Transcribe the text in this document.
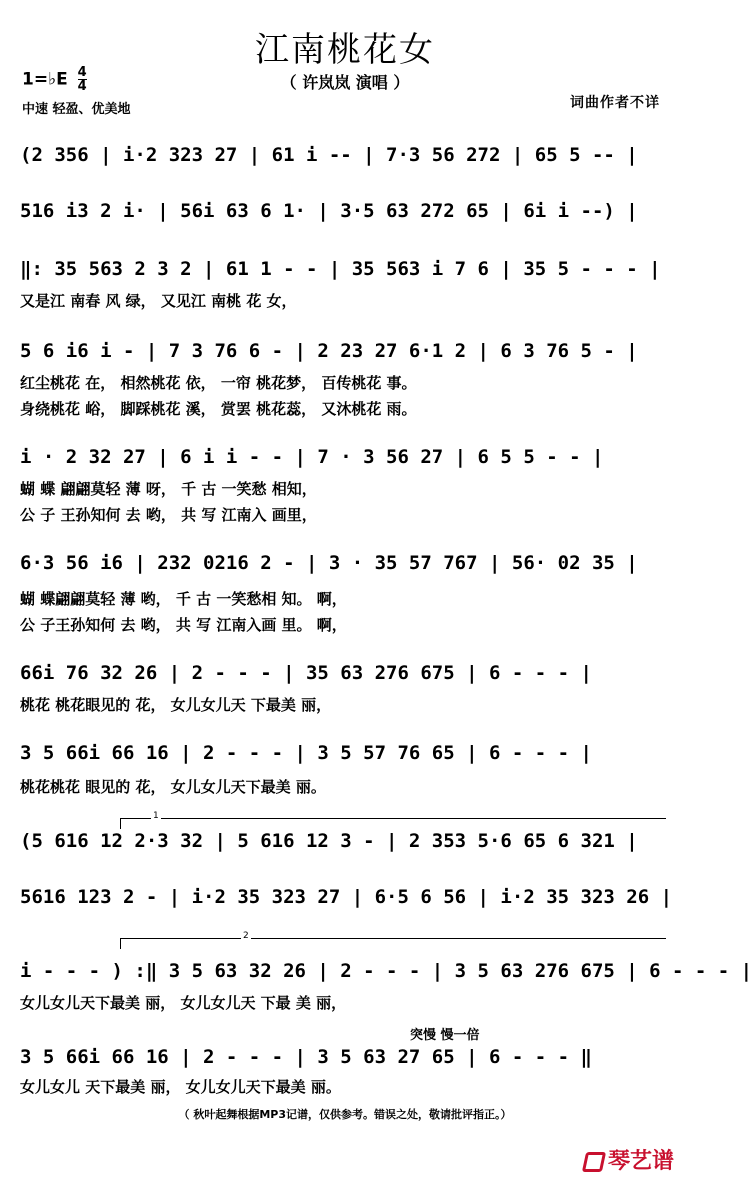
江南桃花女
（ 许岚岚 演唱 ）
1=♭E $\frac{4}{4}$
中速 轻盈、优美地	词曲作者不详
(2 356 | i·2 323 27 | 61 i -- | 7·3 56 272 | 65 5 -- |
516 i3 2 i· | 56i 63 6 1· | 3·5 63 272 65 | 6i i --) |
‖: 35 563 2 3 2 | 61 1 - - | 35 563 i 7 6 | 35 5 - - - |
又是江 南春 风 绿， 又见江 南桃 花 女，
5 6 i6 i - | 7 3 76 6 - | 2 23 27 6·1 2 | 6 3 76 5 - |
红尘桃花 在， 相然桃花 依， 一帘 桃花梦， 百传桃花 事。
身绕桃花 峪， 脚踩桃花 溪， 赏罢 桃花蕊， 又沐桃花 雨。
i · 2 32 27 | 6 i i - - | 7 · 3 56 27 | 6 5 5 - - |
蝴 蝶 翩翩莫轻 薄 呀， 千 古 一笑愁 相知，
公 子 王孙知何 去 哟， 共 写 江南入 画里，
6·3 56 i6 | 232 0216 2 - | 3 · 35 57 767 | 56· 02 35 |
蝴 蝶翩翩莫轻 薄 哟， 千 古 一笑愁相 知。 啊，
公 子王孙知何 去 哟， 共 写 江南入画 里。 啊，
66i 76 32 26 | 2 - - - | 35 63 276 675 | 6 - - - |
桃花 桃花眼见的 花， 女儿女儿天 下最美 丽，
3 5 66i 66 16 | 2 - - - | 3 5 57 76 65 | 6 - - - |
桃花桃花 眼见的 花， 女儿女儿天下最美 丽。
1
(5 616 12 2·3 32 | 5 616 12 3 - | 2 353 5·6 65 6 321 |
5616 123 2 - | i·2 35 323 27 | 6·5 6 56 | i·2 35 323 26 |
2
i - - - ) :‖ 3 5 63 32 26 | 2 - - - | 3 5 63 276 675 | 6 - - - |
女儿女儿天下最美 丽， 女儿女儿天 下最 美 丽，
突慢 慢一倍
3 5 66i 66 16 | 2 - - - | 3 5 63 27 65 | 6 - - - ‖
女儿女儿 天下最美 丽， 女儿女儿天下最美 丽。
（ 秋叶起舞根据MP3记谱，仅供参考。错误之处，敬请批评指正。）
琴艺谱
